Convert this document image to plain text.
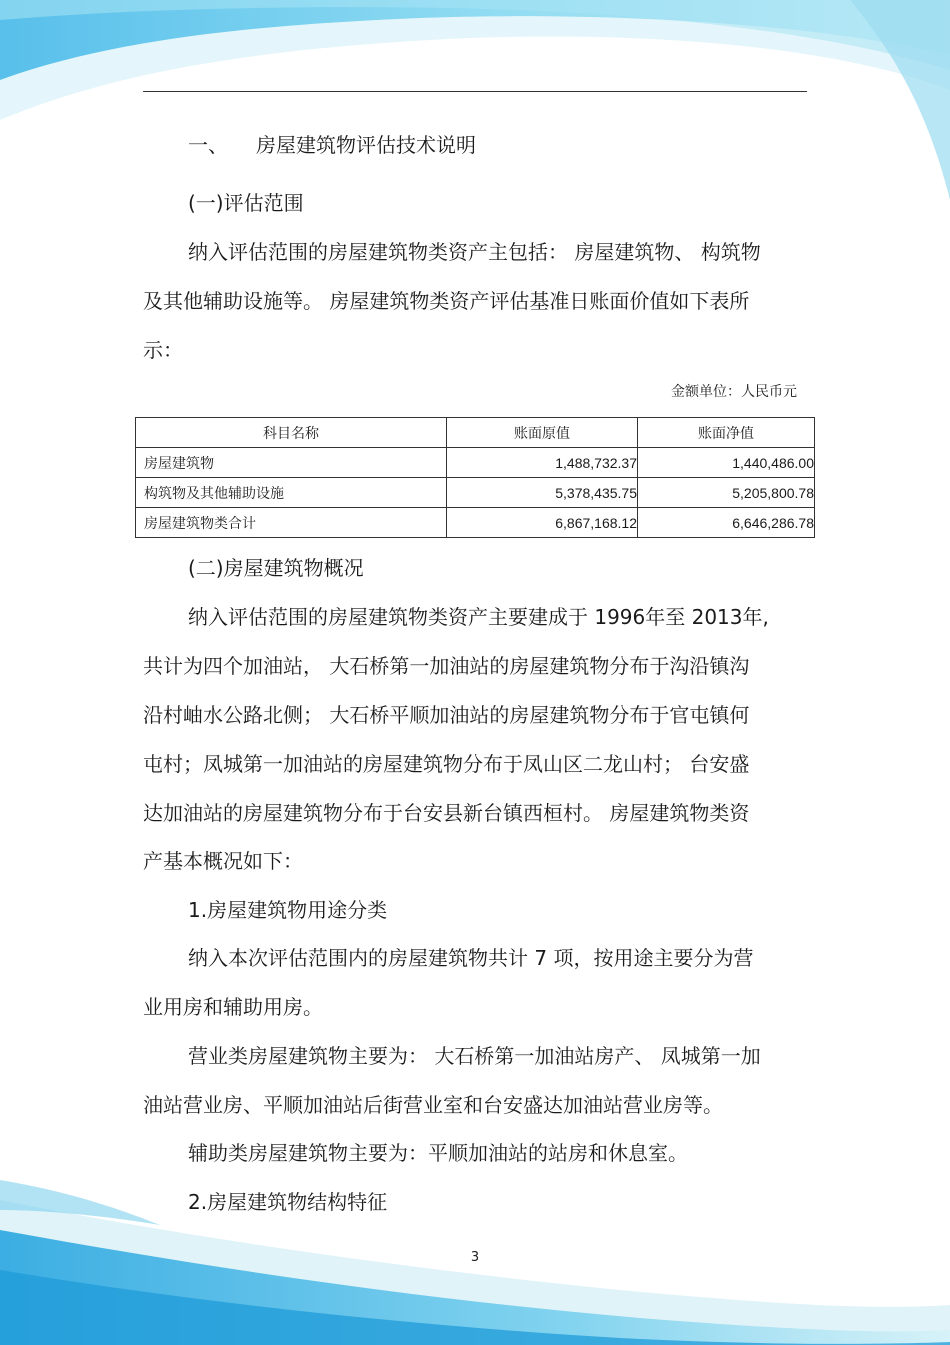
一、 房屋建筑物评估技术说明

(一)评估范围

纳入评估范围的房屋建筑物类资产主包括： 房屋建筑物、 构筑物

及其他辅助设施等。 房屋建筑物类资产评估基准日账面价值如下表所

示：

金额单位：人民币元
科目名称	账面原值	账面净值
房屋建筑物	1,488,732.37	1,440,486.00
构筑物及其他辅助设施	5,378,435.75	5,205,800.78
房屋建筑物类合计	6,867,168.12	6,646,286.78

(二)房屋建筑物概况

纳入评估范围的房屋建筑物类资产主要建成于 1996年至 2013年,

共计为四个加油站， 大石桥第一加油站的房屋建筑物分布于沟沿镇沟

沿村岫水公路北侧； 大石桥平顺加油站的房屋建筑物分布于官屯镇何

屯村；凤城第一加油站的房屋建筑物分布于凤山区二龙山村； 台安盛

达加油站的房屋建筑物分布于台安县新台镇西桓村。 房屋建筑物类资

产基本概况如下：

1.房屋建筑物用途分类

纳入本次评估范围内的房屋建筑物共计 7 项，按用途主要分为营

业用房和辅助用房。

营业类房屋建筑物主要为： 大石桥第一加油站房产、 凤城第一加

油站营业房、平顺加油站后街营业室和台安盛达加油站营业房等。

辅助类房屋建筑物主要为：平顺加油站的站房和休息室。

2.房屋建筑物结构特征

3
